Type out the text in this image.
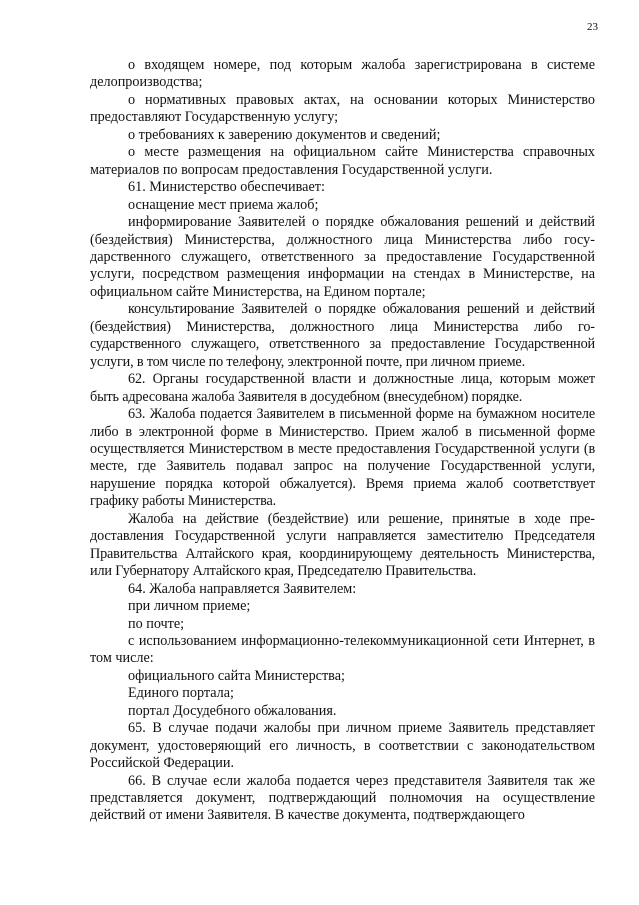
23

о входящем номере, под которым жалоба зарегистрирована в системе делопроизводства;

о нормативных правовых актах, на основании которых Министерство предоставляют Государственную услугу;

о требованиях к заверению документов и сведений;

о месте размещения на официальном сайте Министерства справочных материалов по вопросам предоставления Государственной услуги.

61. Министерство обеспечивает:

оснащение мест приема жалоб;

информирование Заявителей о порядке обжалования решений и действий (бездействия) Министерства, должностного лица Министерства либо государственного служащего, ответственного за предоставление Государственной услуги, посредством размещения информации на стендах в Министерстве, на официальном сайте Министерства, на Едином портале;

консультирование Заявителей о порядке обжалования решений и действий (бездействия) Министерства, должностного лица Министерства либо государственного служащего, ответственного за предоставление Государственной услуги, в том числе по телефону, электронной почте, при личном приеме.

62. Органы государственной власти и должностные лица, которым может быть адресована жалоба Заявителя в досудебном (внесудебном) порядке.

63. Жалоба подается Заявителем в письменной форме на бумажном носителе либо в электронной форме в Министерство. Прием жалоб в письменной форме осуществляется Министерством в месте предоставления Государственной услуги (в месте, где Заявитель подавал запрос на получение Государственной услуги, нарушение порядка которой обжалуется). Время приема жалоб соответствует графику работы Министерства.

Жалоба на действие (бездействие) или решение, принятые в ходе предоставления Государственной услуги направляется заместителю Председателя Правительства Алтайского края, координирующему деятельность Министерства, или Губернатору Алтайского края, Председателю Правительства.

64. Жалоба направляется Заявителем:

при личном приеме;

по почте;

с использованием информационно-телекоммуникационной сети Интернет, в том числе:

официального сайта Министерства;

Единого портала;

портал Досудебного обжалования.

65. В случае подачи жалобы при личном приеме Заявитель представляет документ, удостоверяющий его личность, в соответствии с законодательством Российской Федерации.

66. В случае если жалоба подается через представителя Заявителя так же представляется документ, подтверждающий полномочия на осуществление действий от имени Заявителя. В качестве документа, подтверждающего
